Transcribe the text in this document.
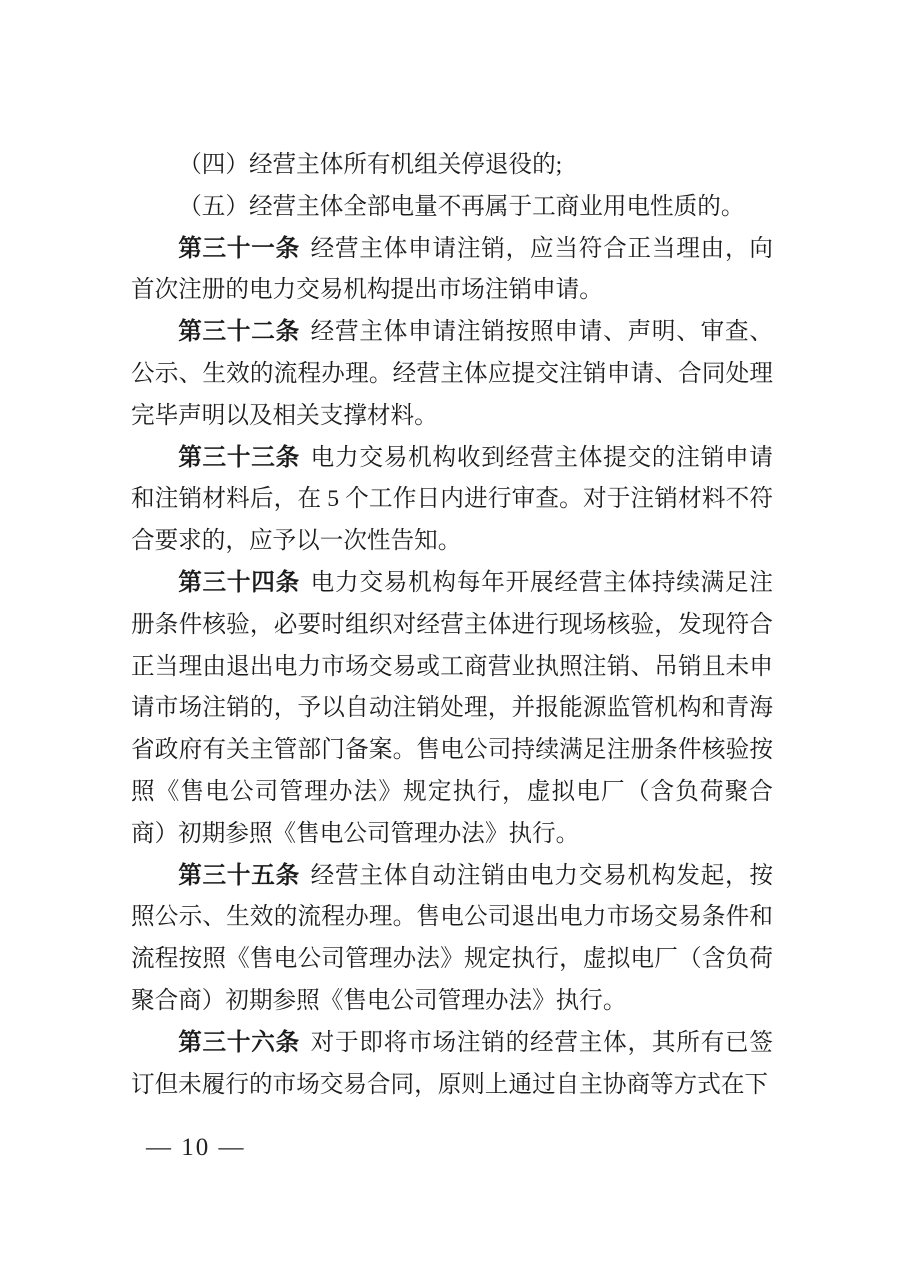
（四）经营主体所有机组关停退役的;

（五）经营主体全部电量不再属于工商业用电性质的。

第三十一条 经营主体申请注销，应当符合正当理由，向首次注册的电力交易机构提出市场注销申请。

第三十二条 经营主体申请注销按照申请、声明、审查、公示、生效的流程办理。经营主体应提交注销申请、合同处理完毕声明以及相关支撑材料。

第三十三条 电力交易机构收到经营主体提交的注销申请和注销材料后，在 5 个工作日内进行审查。对于注销材料不符合要求的，应予以一次性告知。

第三十四条 电力交易机构每年开展经营主体持续满足注册条件核验，必要时组织对经营主体进行现场核验，发现符合正当理由退出电力市场交易或工商营业执照注销、吊销且未申请市场注销的，予以自动注销处理，并报能源监管机构和青海省政府有关主管部门备案。售电公司持续满足注册条件核验按照《售电公司管理办法》规定执行，虚拟电厂（含负荷聚合商）初期参照《售电公司管理办法》执行。

第三十五条 经营主体自动注销由电力交易机构发起，按照公示、生效的流程办理。售电公司退出电力市场交易条件和流程按照《售电公司管理办法》规定执行，虚拟电厂（含负荷聚合商）初期参照《售电公司管理办法》执行。

第三十六条 对于即将市场注销的经营主体，其所有已签订但未履行的市场交易合同，原则上通过自主协商等方式在下

— 10 —
